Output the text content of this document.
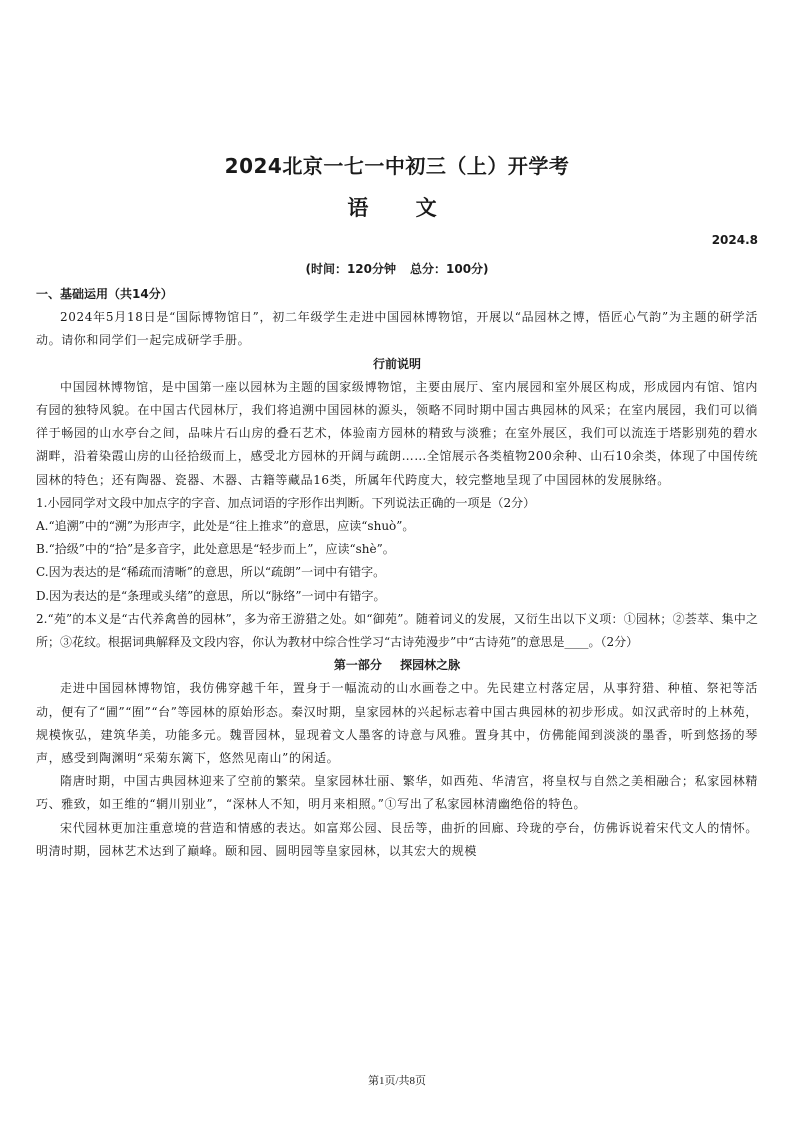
2024北京一七一中初三（上）开学考
语 文
2024.8
(时间：120分钟 总分：100分)
一、基础运用（共14分）

2024年5月18日是“国际博物馆日”，初二年级学生走进中国园林博物馆，开展以“品园林之博，悟匠心气韵”为主题的研学活动。请你和同学们一起完成研学手册。

行前说明

中国园林博物馆，是中国第一座以园林为主题的国家级博物馆，主要由展厅、室内展园和室外展区构成，形成园内有馆、馆内有园的独特风貌。在中国古代园林厅，我们将追溯中国园林的源头，领略不同时期中国古典园林的风采；在室内展园，我们可以徜徉于畅园的山水亭台之间，品味片石山房的叠石艺术，体验南方园林的精致与淡雅；在室外展区，我们可以流连于塔影别苑的碧水湖畔，沿着染霞山房的山径拾级而上，感受北方园林的开阔与疏朗……全馆展示各类植物200余种、山石10余类，体现了中国传统园林的特色；还有陶器、瓷器、木器、古籍等藏品16类，所属年代跨度大，较完整地呈现了中国园林的发展脉络。

1.小园同学对文段中加点字的字音、加点词语的字形作出判断。下列说法正确的一项是（2分）

A.“追溯”中的“溯”为形声字，此处是“往上推求”的意思，应读“shuò”。

B.“拾级”中的“拾”是多音字，此处意思是“轻步而上”，应读“shè”。

C.因为表达的是“稀疏而清晰”的意思，所以“疏朗”一词中有错字。

D.因为表达的是“条理或头绪”的意思，所以“脉络”一词中有错字。

2.“苑”的本义是“古代养禽兽的园林”，多为帝王游猎之处。如“御苑”。随着词义的发展，又衍生出以下义项：①园林；②荟萃、集中之所；③花纹。根据词典解释及文段内容，你认为教材中综合性学习“古诗苑漫步”中“古诗苑”的意思是____。（2分）

第一部分 探园林之脉

走进中国园林博物馆，我仿佛穿越千年，置身于一幅流动的山水画卷之中。先民建立村落定居，从事狩猎、种植、祭祀等活动，便有了“圃”“囿”“台”等园林的原始形态。秦汉时期，皇家园林的兴起标志着中国古典园林的初步形成。如汉武帝时的上林苑，规模恢弘，建筑华美，功能多元。魏晋园林，显现着文人墨客的诗意与风雅。置身其中，仿佛能闻到淡淡的墨香，听到悠扬的琴声，感受到陶渊明“采菊东篱下，悠然见南山”的闲适。

隋唐时期，中国古典园林迎来了空前的繁荣。皇家园林壮丽、繁华，如西苑、华清宫，将皇权与自然之美相融合；私家园林精巧、雅致，如王维的“辋川别业”，“深林人不知，明月来相照。”①写出了私家园林清幽绝俗的特色。

宋代园林更加注重意境的营造和情感的表达。如富郑公园、艮岳等，曲折的回廊、玲珑的亭台，仿佛诉说着宋代文人的情怀。明清时期，园林艺术达到了巅峰。颐和园、圆明园等皇家园林，以其宏大的规模

第1页/共8页
